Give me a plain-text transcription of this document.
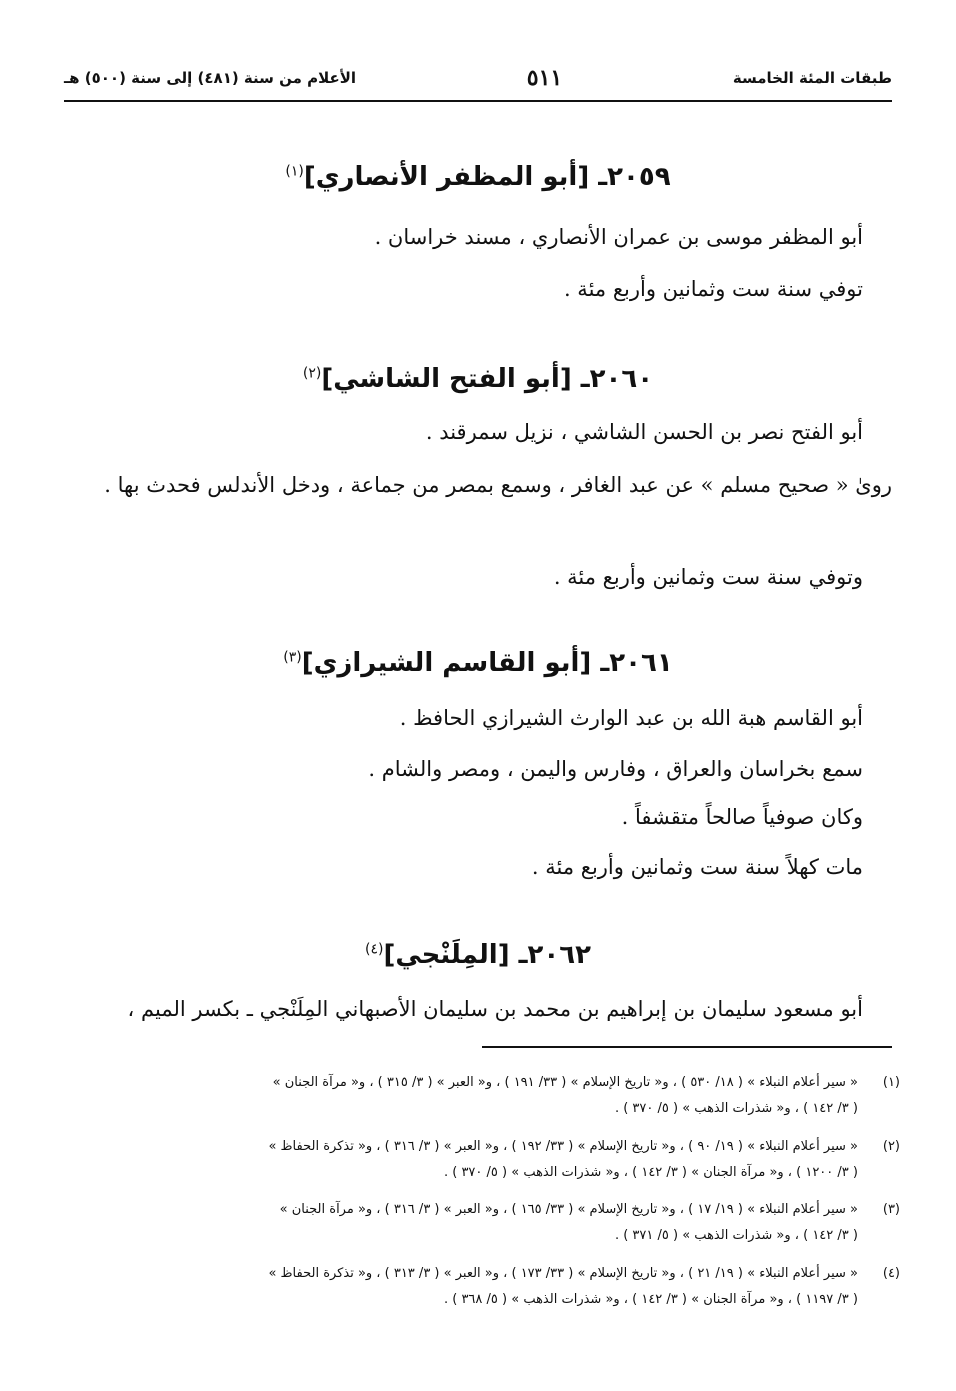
طبقات المئة الخامسة
٥١١
الأعلام من سنة (٤٨١) إلى سنة (٥٠٠) هـ
٢٠٥٩ـ [أبو المظفر الأنصاري]$^{(١)}$
أبو المظفر موسى بن عمران الأنصاري ، مسند خراسان .
توفي سنة ست وثمانين وأربع مئة .
٢٠٦٠ـ [أبو الفتح الشاشي]$^{(٢)}$
أبو الفتح نصر بن الحسن الشاشي ، نزيل سمرقند .
روىٰ « صحيح مسلم » عن عبد الغافر ، وسمع بمصر من جماعة ، ودخل الأندلس فحدث بها .
وتوفي سنة ست وثمانين وأربع مئة .
٢٠٦١ـ [أبو القاسم الشيرازي]$^{(٣)}$
أبو القاسم هبة الله بن عبد الوارث الشيرازي الحافظ .
سمع بخراسان والعراق ، وفارس واليمن ، ومصر والشام .
وكان صوفياً صالحاً متقشفاً .
مات كهلاً سنة ست وثمانين وأربع مئة .
٢٠٦٢ـ [المِلَنْجي]$^{(٤)}$
أبو مسعود سليمان بن إبراهيم بن محمد بن سليمان الأصبهاني المِلَنْجي ـ بكسر الميم ،
(١)
« سير أعلام النبلاء » ( ١٨/ ٥٣٠ ) ، و« تاريخ الإسلام » ( ٣٣/ ١٩١ ) ، و« العبر » ( ٣/ ٣١٥ ) ، و« مرآة الجنان »
( ٣/ ١٤٢ ) ، و« شذرات الذهب » ( ٥/ ٣٧٠ ) .
(٢)
« سير أعلام النبلاء » ( ١٩/ ٩٠ ) ، و« تاريخ الإسلام » ( ٣٣/ ١٩٢ ) ، و« العبر » ( ٣/ ٣١٦ ) ، و« تذكرة الحفاظ »
( ٣/ ١٢٠٠ ) ، و« مرآة الجنان » ( ٣/ ١٤٢ ) ، و« شذرات الذهب » ( ٥/ ٣٧٠ ) .
(٣)
« سير أعلام النبلاء » ( ١٩/ ١٧ ) ، و« تاريخ الإسلام » ( ٣٣/ ١٦٥ ) ، و« العبر » ( ٣/ ٣١٦ ) ، و« مرآة الجنان »
( ٣/ ١٤٢ ) ، و« شذرات الذهب » ( ٥/ ٣٧١ ) .
(٤)
« سير أعلام النبلاء » ( ١٩/ ٢١ ) ، و« تاريخ الإسلام » ( ٣٣/ ١٧٣ ) ، و« العبر » ( ٣/ ٣١٣ ) ، و« تذكرة الحفاظ »
( ٣/ ١١٩٧ ) ، و« مرآة الجنان » ( ٣/ ١٤٢ ) ، و« شذرات الذهب » ( ٥/ ٣٦٨ ) .
